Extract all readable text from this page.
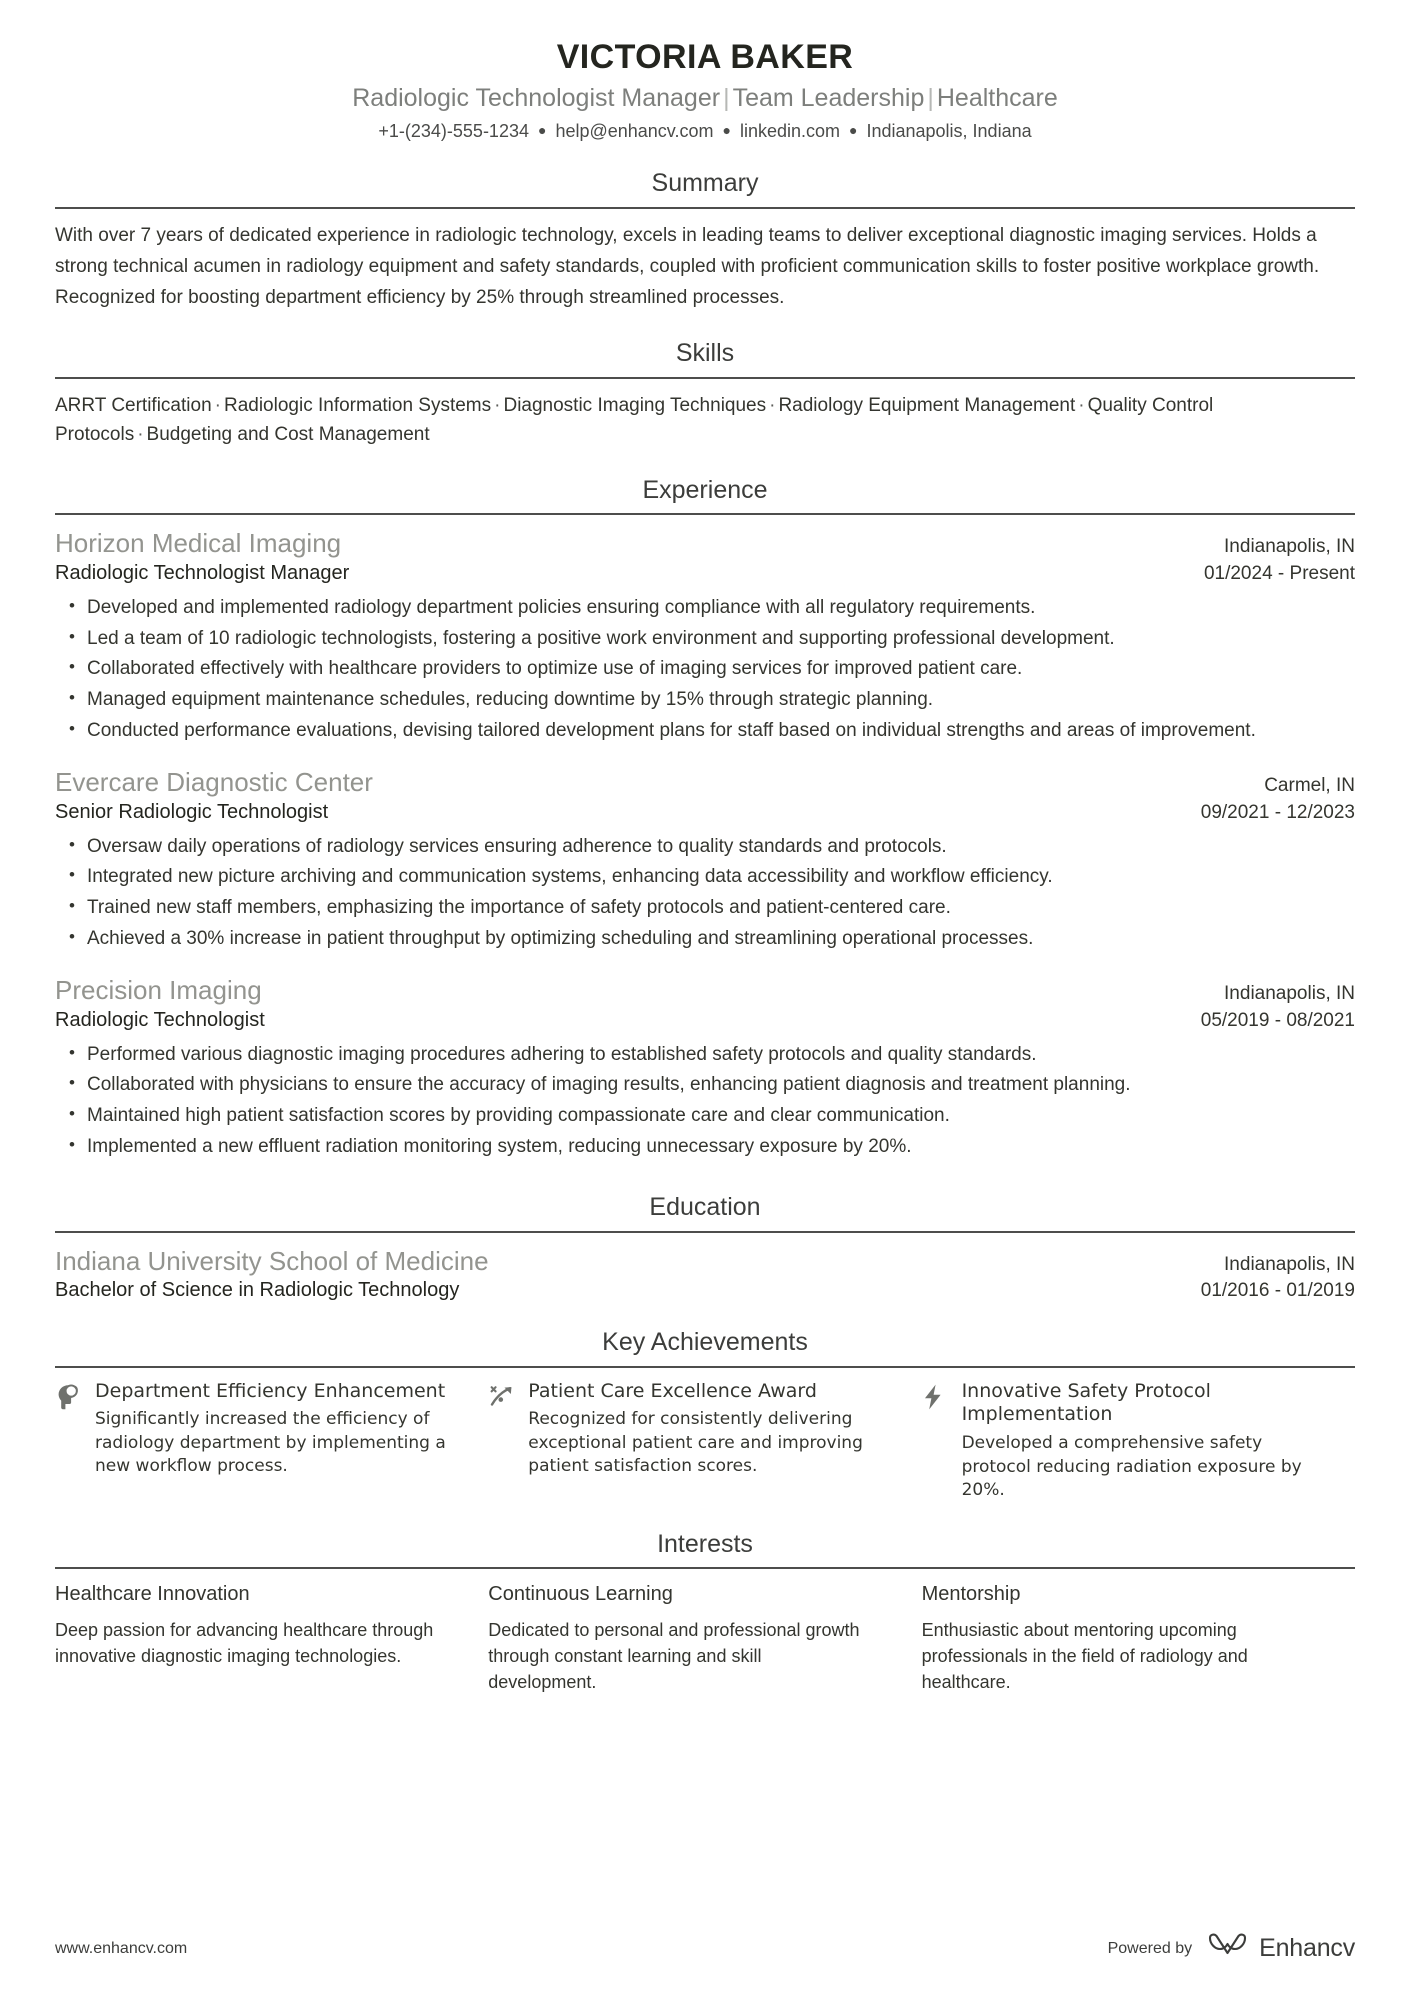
VICTORIA BAKER
Radiologic Technologist Manager | Team Leadership | Healthcare
+1-(234)-555-1234 ● help@enhancv.com ● linkedin.com ● Indianapolis, Indiana
Summary
With over 7 years of dedicated experience in radiologic technology, excels in leading teams to deliver exceptional diagnostic imaging services. Holds a strong technical acumen in radiology equipment and safety standards, coupled with proficient communication skills to foster positive workplace growth. Recognized for boosting department efficiency by 25% through streamlined processes.
Skills
ARRT Certification · Radiologic Information Systems · Diagnostic Imaging Techniques · Radiology Equipment Management · Quality Control Protocols · Budgeting and Cost Management
Experience
Horizon Medical Imaging	Indianapolis, IN
Radiologic Technologist Manager	01/2024 - Present
• Developed and implemented radiology department policies ensuring compliance with all regulatory requirements.
• Led a team of 10 radiologic technologists, fostering a positive work environment and supporting professional development.
• Collaborated effectively with healthcare providers to optimize use of imaging services for improved patient care.
• Managed equipment maintenance schedules, reducing downtime by 15% through strategic planning.
• Conducted performance evaluations, devising tailored development plans for staff based on individual strengths and areas of improvement.
Evercare Diagnostic Center	Carmel, IN
Senior Radiologic Technologist	09/2021 - 12/2023
• Oversaw daily operations of radiology services ensuring adherence to quality standards and protocols.
• Integrated new picture archiving and communication systems, enhancing data accessibility and workflow efficiency.
• Trained new staff members, emphasizing the importance of safety protocols and patient-centered care.
• Achieved a 30% increase in patient throughput by optimizing scheduling and streamlining operational processes.
Precision Imaging	Indianapolis, IN
Radiologic Technologist	05/2019 - 08/2021
• Performed various diagnostic imaging procedures adhering to established safety protocols and quality standards.
• Collaborated with physicians to ensure the accuracy of imaging results, enhancing patient diagnosis and treatment planning.
• Maintained high patient satisfaction scores by providing compassionate care and clear communication.
• Implemented a new effluent radiation monitoring system, reducing unnecessary exposure by 20%.
Education
Indiana University School of Medicine	Indianapolis, IN
Bachelor of Science in Radiologic Technology	01/2016 - 01/2019
Key Achievements
Department Efficiency Enhancement
Significantly increased the efficiency of radiology department by implementing a new workflow process.
Patient Care Excellence Award
Recognized for consistently delivering exceptional patient care and improving patient satisfaction scores.
Innovative Safety Protocol Implementation
Developed a comprehensive safety protocol reducing radiation exposure by 20%.
Interests
Healthcare Innovation
Deep passion for advancing healthcare through innovative diagnostic imaging technologies.
Continuous Learning
Dedicated to personal and professional growth through constant learning and skill development.
Mentorship
Enthusiastic about mentoring upcoming professionals in the field of radiology and healthcare.
www.enhancv.com	Powered by	Enhancv
